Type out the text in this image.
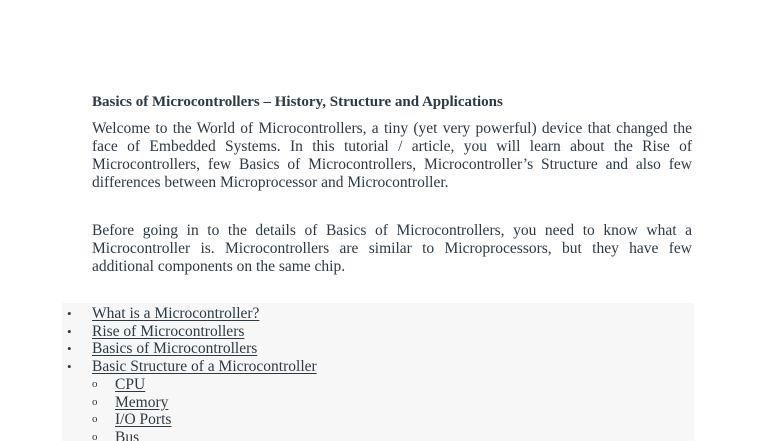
Basics of Microcontrollers – History, Structure and Applications

Welcome to the World of Microcontrollers, a tiny (yet very powerful) device that changed the face of Embedded Systems. In this tutorial / article, you will learn about the Rise of Microcontrollers, few Basics of Microcontrollers, Microcontroller’s Structure and also few differences between Microprocessor and Microcontroller.

Before going in to the details of Basics of Microcontrollers, you need to know what a Microcontroller is. Microcontrollers are similar to Microprocessors, but they have few additional components on the same chip.

• What is a Microcontroller?
• Rise of Microcontrollers
• Basics of Microcontrollers
• Basic Structure of a Microcontroller
o CPU
o Memory
o I/O Ports
o Bus
